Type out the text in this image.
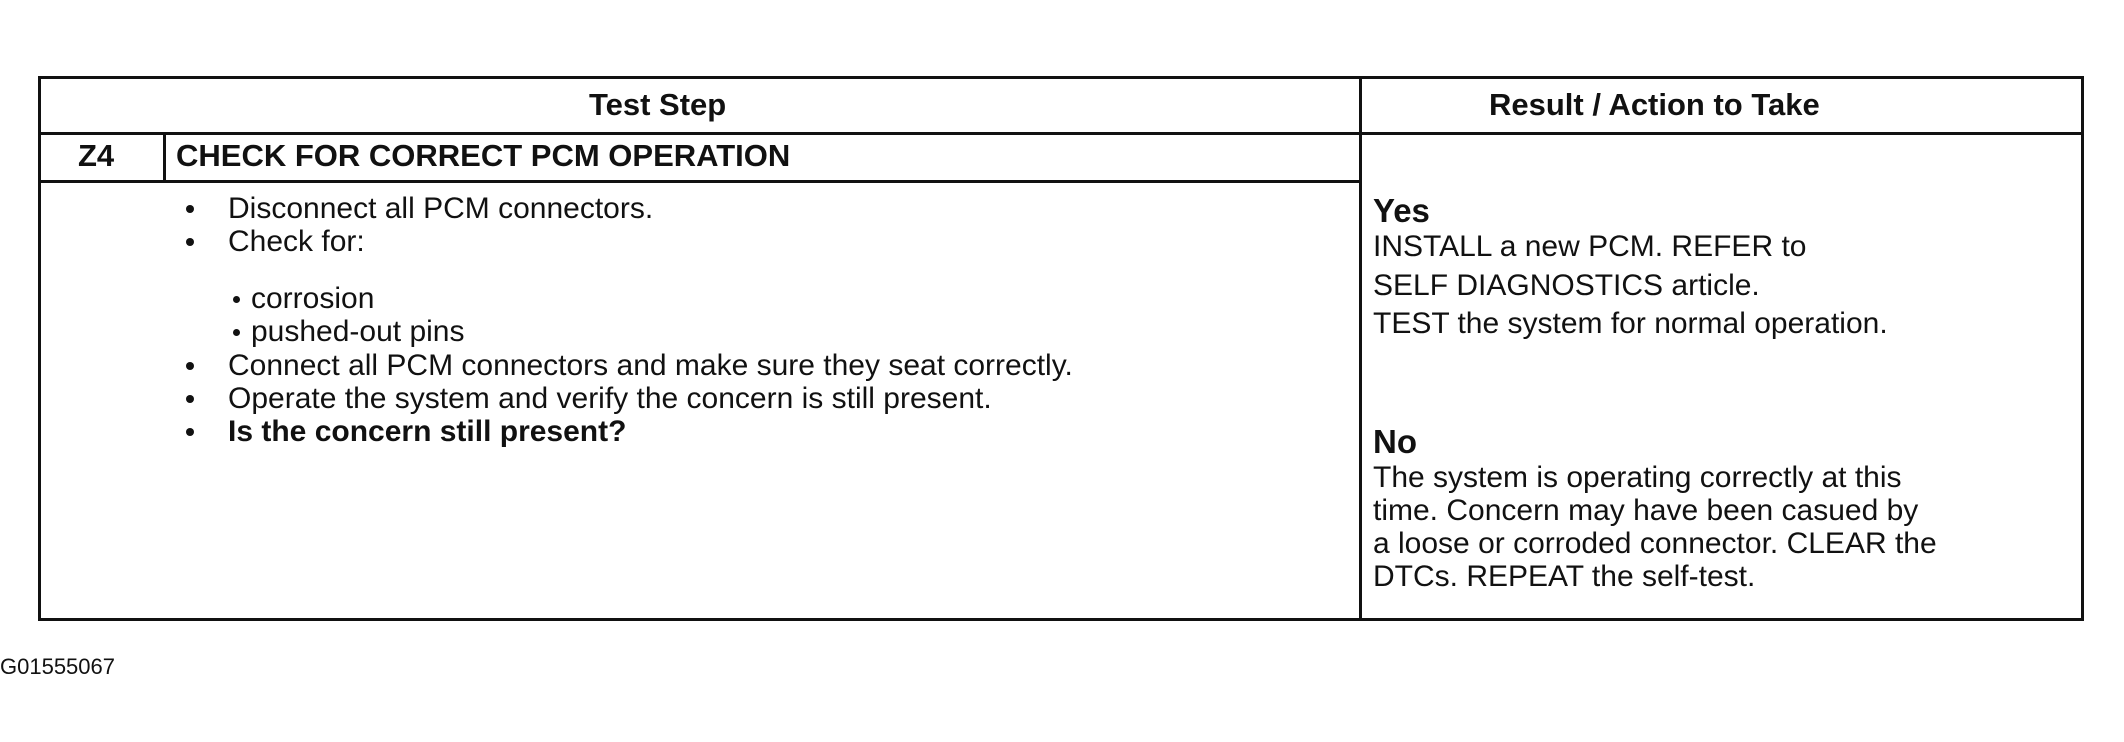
Test Step	Result / Action to Take
Z4 CHECK FOR CORRECT PCM OPERATION
Disconnect all PCM connectors.
Check for:
corrosion
pushed-out pins
Connect all PCM connectors and make sure they seat correctly.
Operate the system and verify the concern is still present.
Is the concern still present?
Yes
INSTALL a new PCM. REFER to
SELF DIAGNOSTICS article.
TEST the system for normal operation.
No
The system is operating correctly at this
time. Concern may have been casued by
a loose or corroded connector. CLEAR the
DTCs. REPEAT the self-test.
G01555067
